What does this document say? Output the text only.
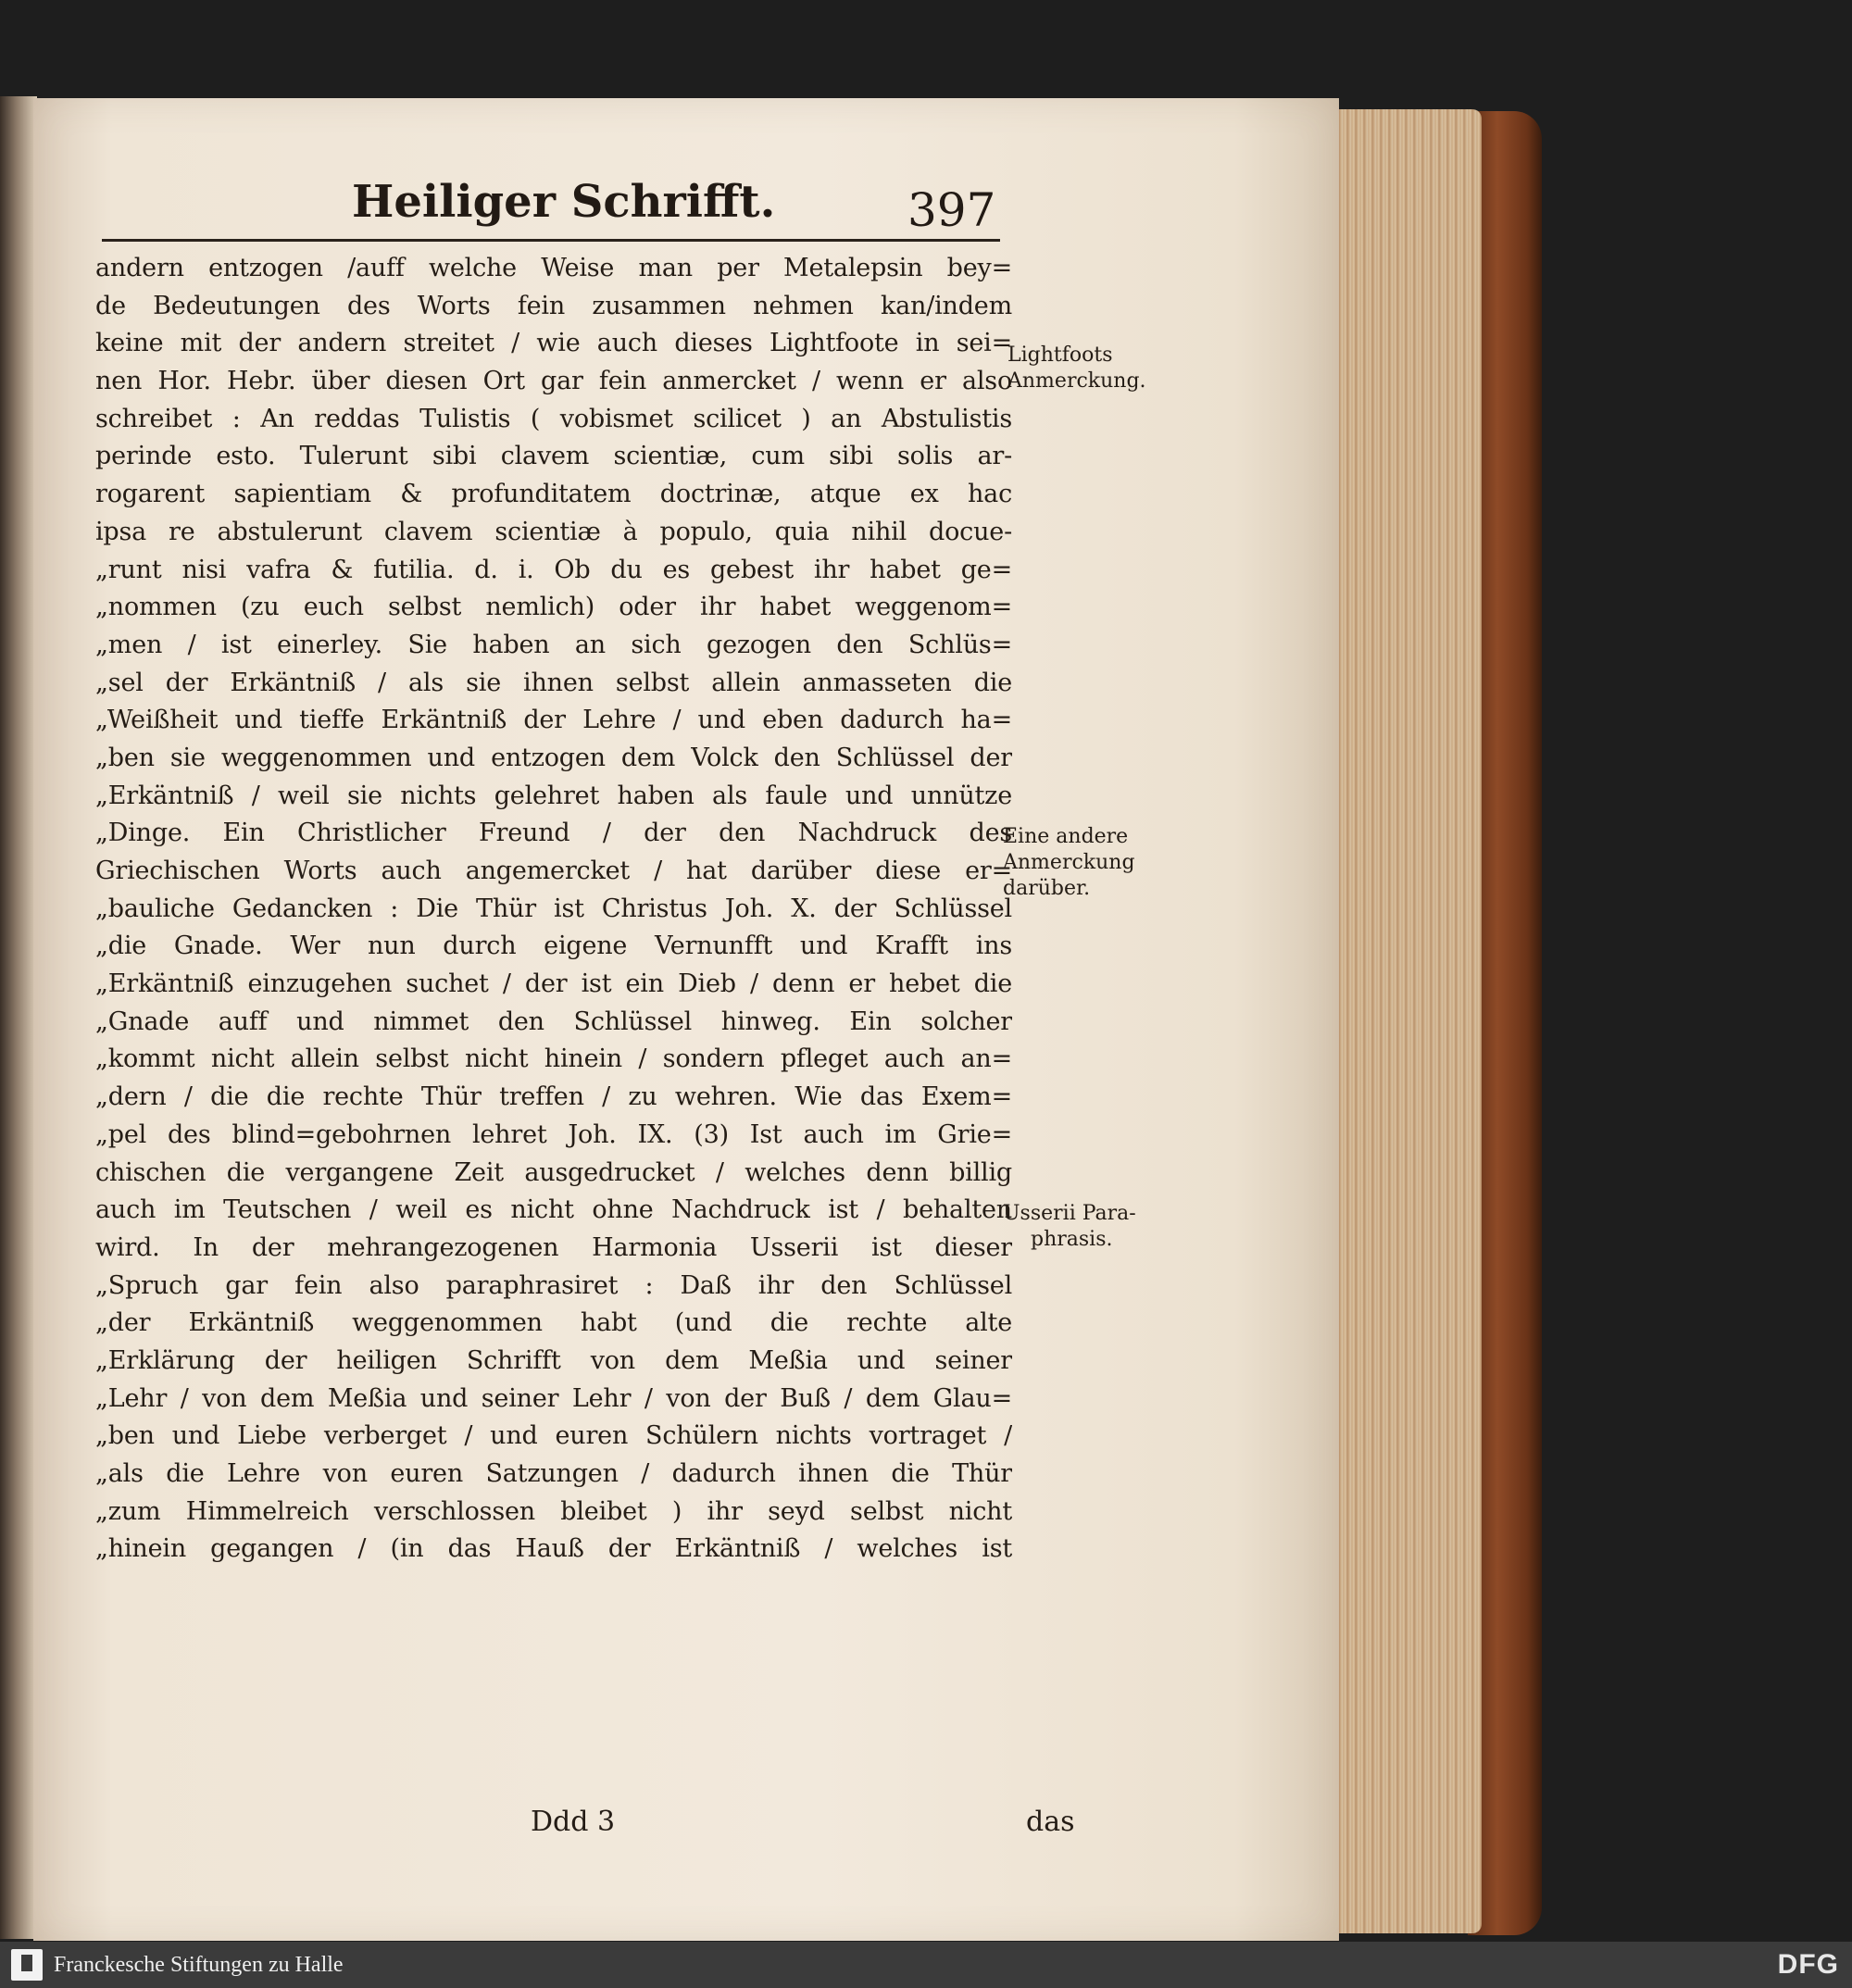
Heiliger Schrifft.	397
andern entzogen /auff welche Weise man per Metalepsin bey=
de Bedeutungen des Worts fein zusammen nehmen kan/indem
keine mit der andern streitet / wie auch dieses Lightfoote in sei=
nen Hor. Hebr. über diesen Ort gar fein anmercket / wenn er also
schreibet : An reddas Tulistis ( vobismet scilicet ) an Abstulistis
perinde esto. Tulerunt sibi clavem scientiæ, cum sibi solis ar-
rogarent sapientiam & profunditatem doctrinæ, atque ex hac
ipsa re abstulerunt clavem scientiæ à populo, quia nihil docue-
„runt nisi vafra & futilia. d. i. Ob du es gebest ihr habet ge=
„nommen (zu euch selbst nemlich) oder ihr habet weggenom=
„men / ist einerley. Sie haben an sich gezogen den Schlüs=
„sel der Erkäntniß / als sie ihnen selbst allein anmasseten die
„Weißheit und tieffe Erkäntniß der Lehre / und eben dadurch ha=
„ben sie weggenommen und entzogen dem Volck den Schlüssel der
„Erkäntniß / weil sie nichts gelehret haben als faule und unnütze
„Dinge. Ein Christlicher Freund / der den Nachdruck des
Griechischen Worts auch angemercket / hat darüber diese er=
„bauliche Gedancken : Die Thür ist Christus Joh. X. der Schlüssel
„die Gnade. Wer nun durch eigene Vernunfft und Krafft ins
„Erkäntniß einzugehen suchet / der ist ein Dieb / denn er hebet die
„Gnade auff und nimmet den Schlüssel hinweg. Ein solcher
„kommt nicht allein selbst nicht hinein / sondern pfleget auch an=
„dern / die die rechte Thür treffen / zu wehren. Wie das Exem=
„pel des blind=gebohrnen lehret Joh. IX. (3) Ist auch im Grie=
chischen die vergangene Zeit ausgedrucket / welches denn billig
auch im Teutschen / weil es nicht ohne Nachdruck ist / behalten
wird. In der mehrangezogenen Harmonia Usserii ist dieser
„Spruch gar fein also paraphrasiret : Daß ihr den Schlüssel
„der Erkäntniß weggenommen habt (und die rechte alte
„Erklärung der heiligen Schrifft von dem Meßia und seiner
„Lehr / von dem Meßia und seiner Lehr / von der Buß / dem Glau=
„ben und Liebe verberget / und euren Schülern nichts vortraget /
„als die Lehre von euren Satzungen / dadurch ihnen die Thür
„zum Himmelreich verschlossen bleibet ) ihr seyd selbst nicht
„hinein gegangen / (in das Hauß der Erkäntniß / welches ist
Ddd 3	das
Lightfoots
Anmerckung.
Eine andere
Anmerckung
darüber.
Usserii Para-
phrasis.
Franckesche Stiftungen zu Halle	DFG
